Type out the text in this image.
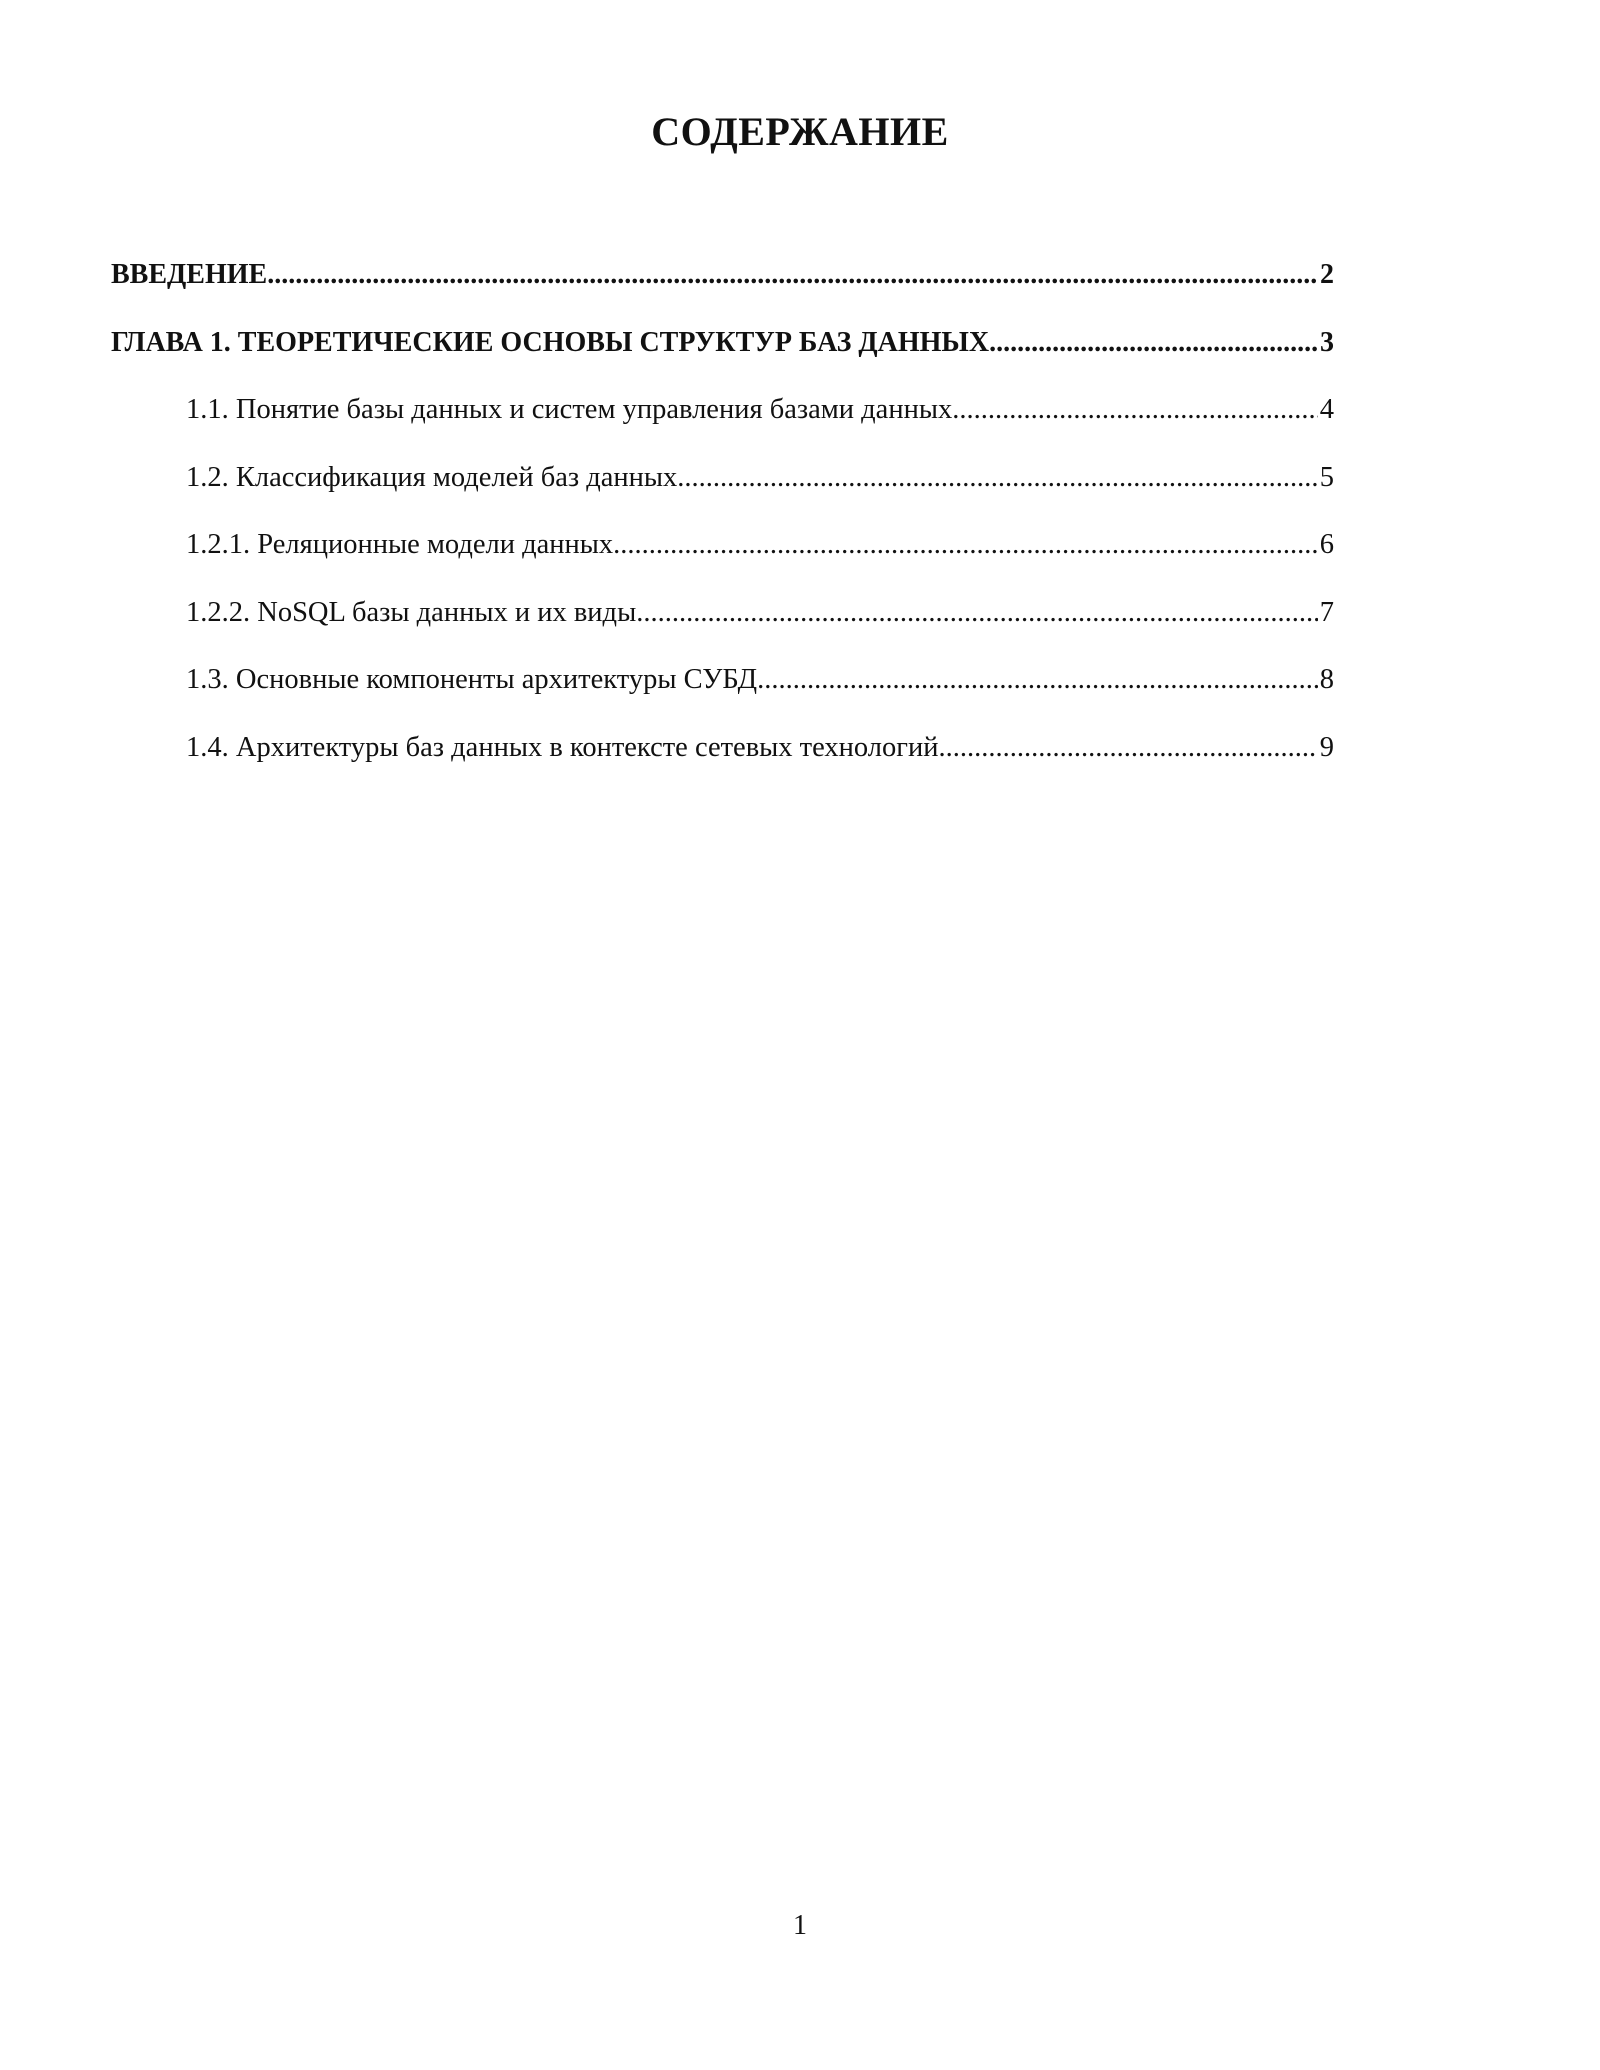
СОДЕРЖАНИЕ
ВВЕДЕНИЕ .....	2
ГЛАВА 1. ТЕОРЕТИЧЕСКИЕ ОСНОВЫ СТРУКТУР БАЗ ДАННЫХ .....	3
1.1. Понятие базы данных и систем управления базами данных .....	4
1.2. Классификация моделей баз данных .....	5
1.2.1. Реляционные модели данных .....	6
1.2.2. NoSQL базы данных и их виды .....	7
1.3. Основные компоненты архитектуры СУБД .....	8
1.4. Архитектуры баз данных в контексте сетевых технологий .....	9
1
